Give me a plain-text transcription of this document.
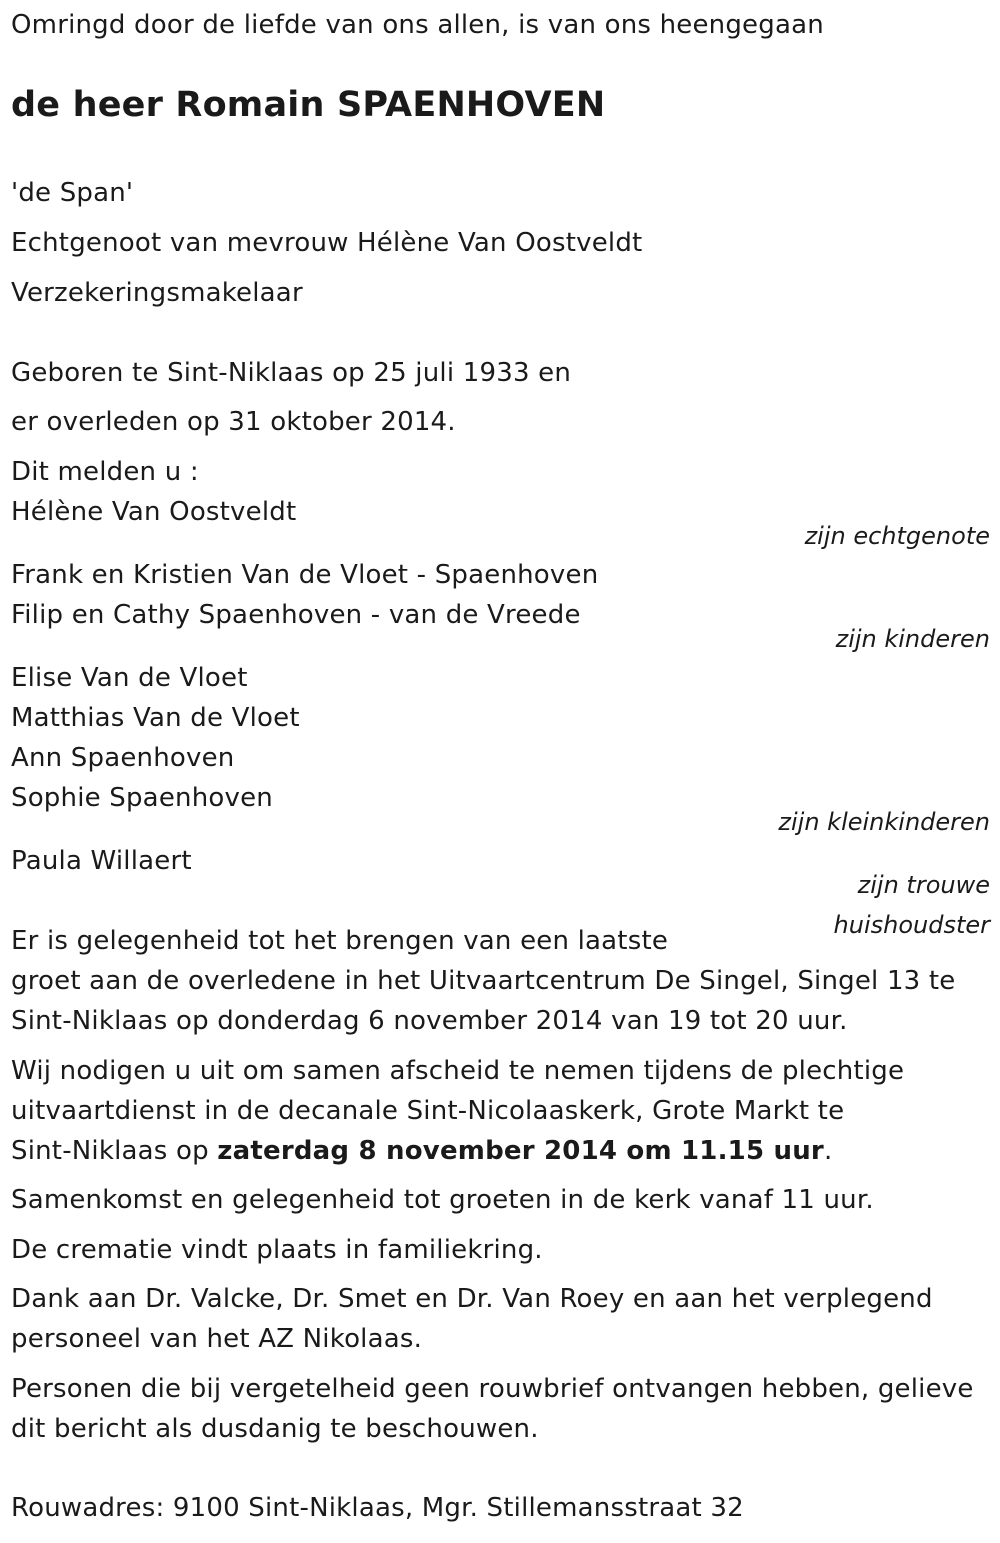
Omringd door de liefde van ons allen, is van ons heengegaan
de heer Romain SPAENHOVEN
'de Span'
Echtgenoot van mevrouw Hélène Van Oostveldt
Verzekeringsmakelaar
Geboren te Sint-Niklaas op 25 juli 1933 en
er overleden op 31 oktober 2014.
Dit melden u :
Hélène Van Oostveldt
zijn echtgenote
Frank en Kristien Van de Vloet - Spaenhoven
Filip en Cathy Spaenhoven - van de Vreede
zijn kinderen
Elise Van de Vloet
Matthias Van de Vloet
Ann Spaenhoven
Sophie Spaenhoven
zijn kleinkinderen
Paula Willaert
zijn trouwe
huishoudster
Er is gelegenheid tot het brengen van een laatste
groet aan de overledene in het Uitvaartcentrum De Singel, Singel 13 te
Sint-Niklaas op donderdag 6 november 2014 van 19 tot 20 uur.
Wij nodigen u uit om samen afscheid te nemen tijdens de plechtige
uitvaartdienst in de decanale Sint-Nicolaaskerk, Grote Markt te
Sint-Niklaas op zaterdag 8 november 2014 om 11.15 uur.
Samenkomst en gelegenheid tot groeten in de kerk vanaf 11 uur.
De crematie vindt plaats in familiekring.
Dank aan Dr. Valcke, Dr. Smet en Dr. Van Roey en aan het verplegend
personeel van het AZ Nikolaas.
Personen die bij vergetelheid geen rouwbrief ontvangen hebben, gelieve
dit bericht als dusdanig te beschouwen.
Rouwadres: 9100 Sint-Niklaas, Mgr. Stillemansstraat 32
